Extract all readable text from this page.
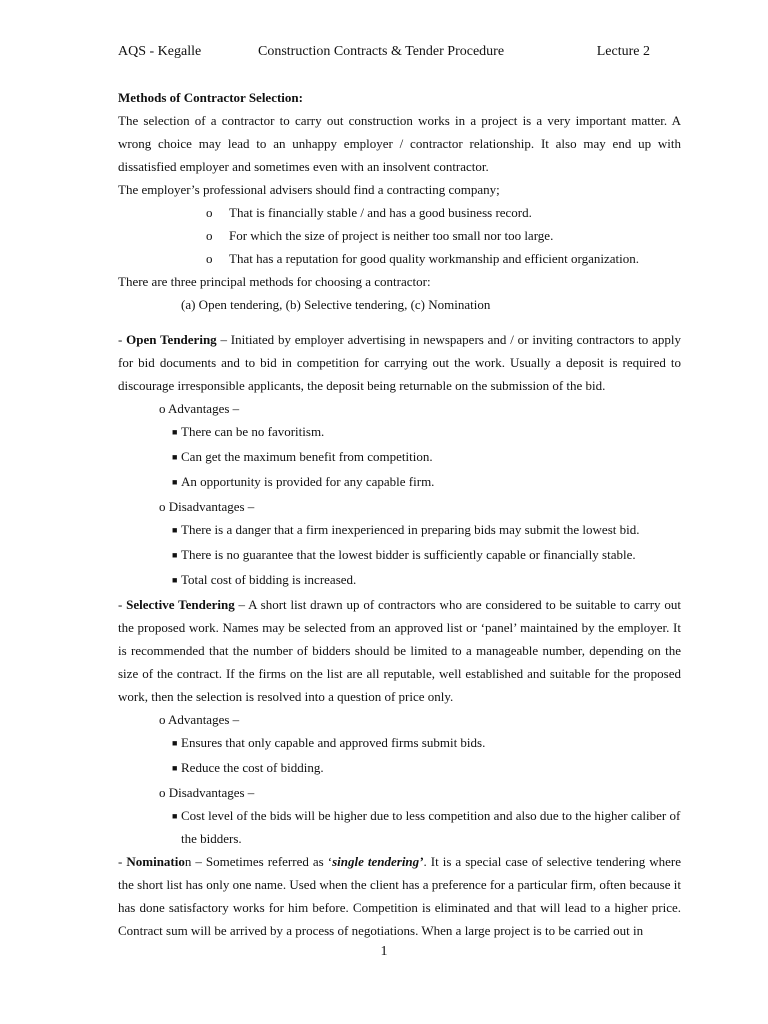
AQS - Kegalle	Construction Contracts & Tender Procedure	Lecture 2

Methods of Contractor Selection:

The selection of a contractor to carry out construction works in a project is a very important matter. A wrong choice may lead to an unhappy employer / contractor relationship. It also may end up with dissatisfied employer and sometimes even with an insolvent contractor.

The employer’s professional advisers should find a contracting company;

o	That is financially stable / and has a good business record.
o	For which the size of project is neither too small nor too large.
o	That has a reputation for good quality workmanship and efficient organization.

There are three principal methods for choosing a contractor:

(a) Open tendering, (b) Selective tendering, (c) Nomination

- Open Tendering – Initiated by employer advertising in newspapers and / or inviting contractors to apply for bid documents and to bid in competition for carrying out the work. Usually a deposit is required to discourage irresponsible applicants, the deposit being returnable on the submission of the bid.

o Advantages –

■ There can be no favoritism.
■ Can get the maximum benefit from competition.
■ An opportunity is provided for any capable firm.

o Disadvantages –

■ There is a danger that a firm inexperienced in preparing bids may submit the lowest bid.
■ There is no guarantee that the lowest bidder is sufficiently capable or financially stable.
■ Total cost of bidding is increased.

- Selective Tendering – A short list drawn up of contractors who are considered to be suitable to carry out the proposed work. Names may be selected from an approved list or ‘panel’ maintained by the employer. It is recommended that the number of bidders should be limited to a manageable number, depending on the size of the contract. If the firms on the list are all reputable, well established and suitable for the proposed work, then the selection is resolved into a question of price only.

o Advantages –

■ Ensures that only capable and approved firms submit bids.
■ Reduce the cost of bidding.

o Disadvantages –

■ Cost level of the bids will be higher due to less competition and also due to the higher caliber of the bidders.

- Nomination – Sometimes referred as ‘single tendering’. It is a special case of selective tendering where the short list has only one name. Used when the client has a preference for a particular firm, often because it has done satisfactory works for him before. Competition is eliminated and that will lead to a higher price. Contract sum will be arrived by a process of negotiations. When a large project is to be carried out in

1
